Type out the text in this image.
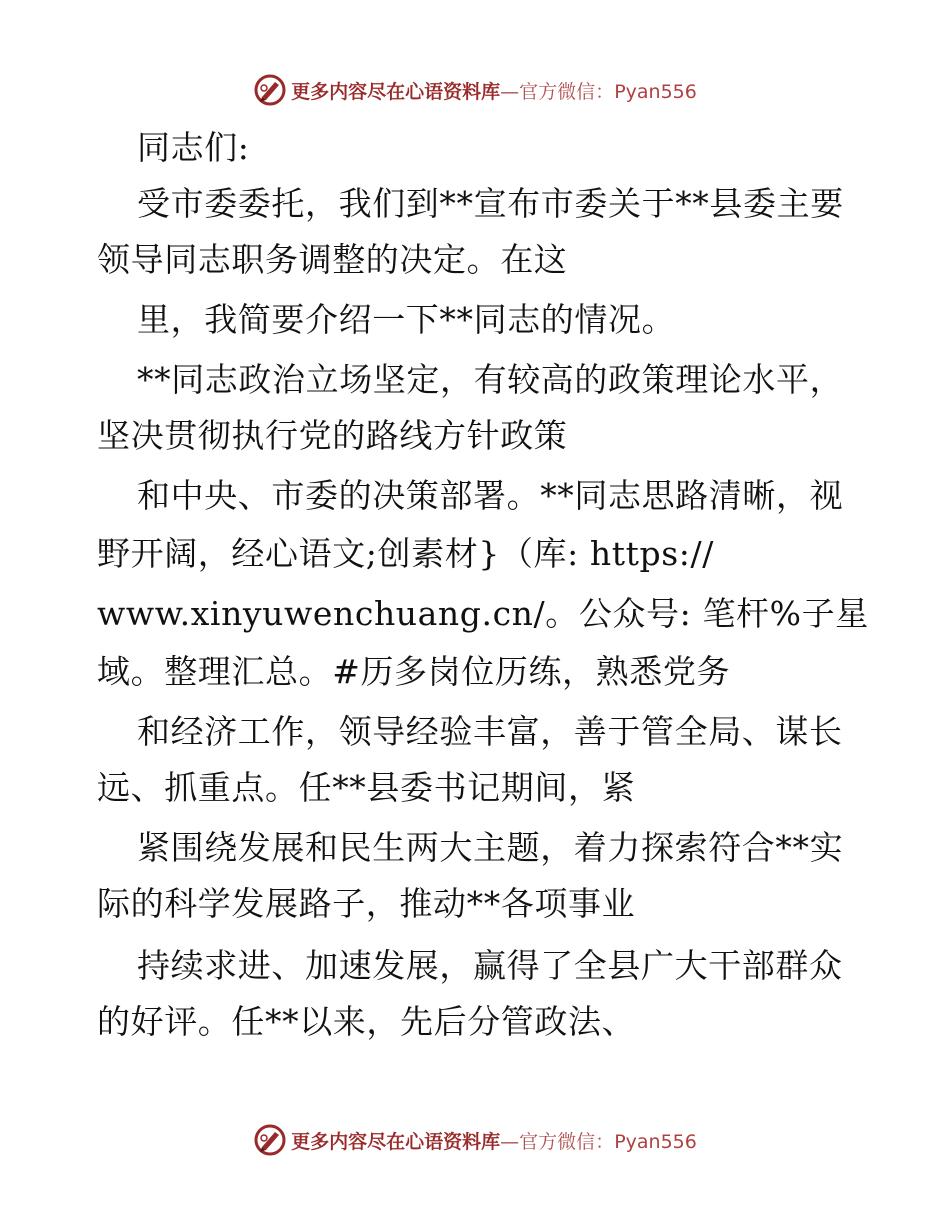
更多内容尽在心语资料库—官方微信：Pyan556
同志们:
受市委委托，我们到**宣布市委关于**县委主要
领导同志职务调整的决定。在这
里，我简要介绍一下**同志的情况。
**同志政治立场坚定，有较高的政策理论水平，
坚决贯彻执行党的路线方针政策
和中央、市委的决策部署。**同志思路清晰，视
野开阔，经心语文;创素材}（库: https://
www.xinyuwenchuang.cn/。公众号: 笔杆%子星
域。整理汇总。#历多岗位历练，熟悉党务
和经济工作，领导经验丰富，善于管全局、谋长
远、抓重点。任**县委书记期间，紧
紧围绕发展和民生两大主题，着力探索符合**实
际的科学发展路子，推动**各项事业
持续求进、加速发展，赢得了全县广大干部群众
的好评。任**以来，先后分管政法、
更多内容尽在心语资料库—官方微信：Pyan556
